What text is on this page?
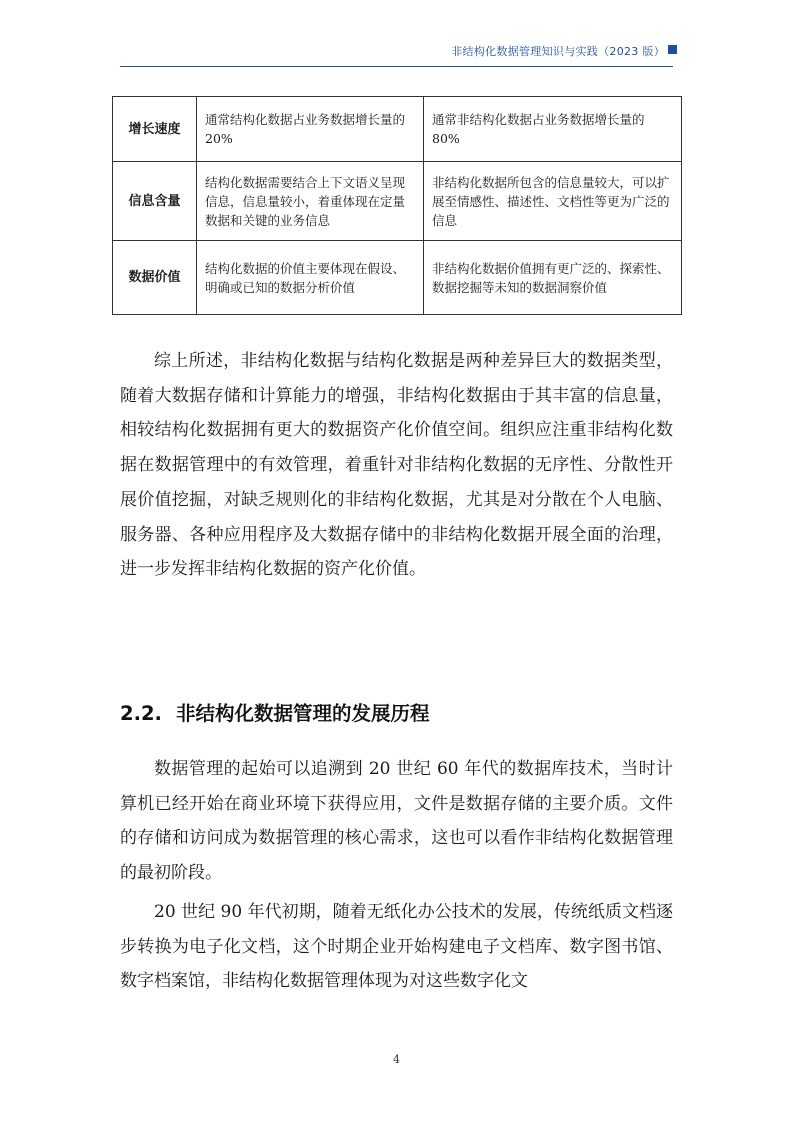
非结构化数据管理知识与实践（2023 版）
增长速度	通常结构化数据占业务数据增长量的 20%	通常非结构化数据占业务数据增长量的 80%
信息含量	结构化数据需要结合上下文语义呈现信息，信息量较小，着重体现在定量数据和关键的业务信息	非结构化数据所包含的信息量较大，可以扩展至情感性、描述性、文档性等更为广泛的信息
数据价值	结构化数据的价值主要体现在假设、明确或已知的数据分析价值	非结构化数据价值拥有更广泛的、探索性、数据挖掘等未知的数据洞察价值

综上所述，非结构化数据与结构化数据是两种差异巨大的数据类型，随着大数据存储和计算能力的增强，非结构化数据由于其丰富的信息量，相较结构化数据拥有更大的数据资产化价值空间。组织应注重非结构化数据在数据管理中的有效管理，着重针对非结构化数据的无序性、分散性开展价值挖掘，对缺乏规则化的非结构化数据，尤其是对分散在个人电脑、服务器、各种应用程序及大数据存储中的非结构化数据开展全面的治理，进一步发挥非结构化数据的资产化价值。

2.2. 非结构化数据管理的发展历程

数据管理的起始可以追溯到 20 世纪 60 年代的数据库技术，当时计算机已经开始在商业环境下获得应用，文件是数据存储的主要介质。文件的存储和访问成为数据管理的核心需求，这也可以看作非结构化数据管理的最初阶段。

20 世纪 90 年代初期，随着无纸化办公技术的发展，传统纸质文档逐步转换为电子化文档，这个时期企业开始构建电子文档库、数字图书馆、数字档案馆，非结构化数据管理体现为对这些数字化文

4
